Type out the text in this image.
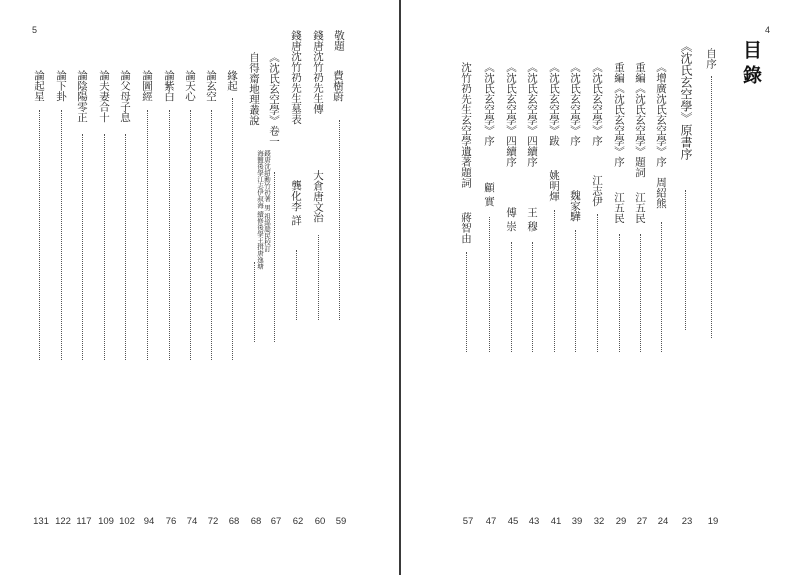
5	敬題
費樹蔚
59
錢唐沈竹礽先生傳
大倉唐文治
60
錢唐沈竹礽先生墓表
龔化李 詳
62
《沈氏玄空學》卷一
67
自得齋地理叢說
錢唐沈紹勳竹礽著 男 祖綿瓞民校訂
海鹽後學江志伊叔海 續修後學王揖唐逸塘
68
緣起
68
論玄空
72
論天心
74
論紫白
76
論圖經
94
論父母子息
102
論夫妻合十
109
論陰陽零正
117
論下卦
122
論起星
131
4
目錄
自序
19
《沈氏玄空學》原書序
23
《增廣沈氏玄空學》序
周紹熊
24
重編《沈氏玄空學》題詞
江五民
27
重編《沈氏玄空學》序
江五民
29
《沈氏玄空學》序
江志伊
32
《沈氏玄空學》序
魏家驊
39
《沈氏玄空學》跋
姚明煇
41
《沈氏玄空學》四續序
王 穆
43
《沈氏玄空學》四續序
傅 崇
45
《沈氏玄空學》序
顧 實
47
沈竹礽先生玄空學遺著題詞
蔣智由
57
